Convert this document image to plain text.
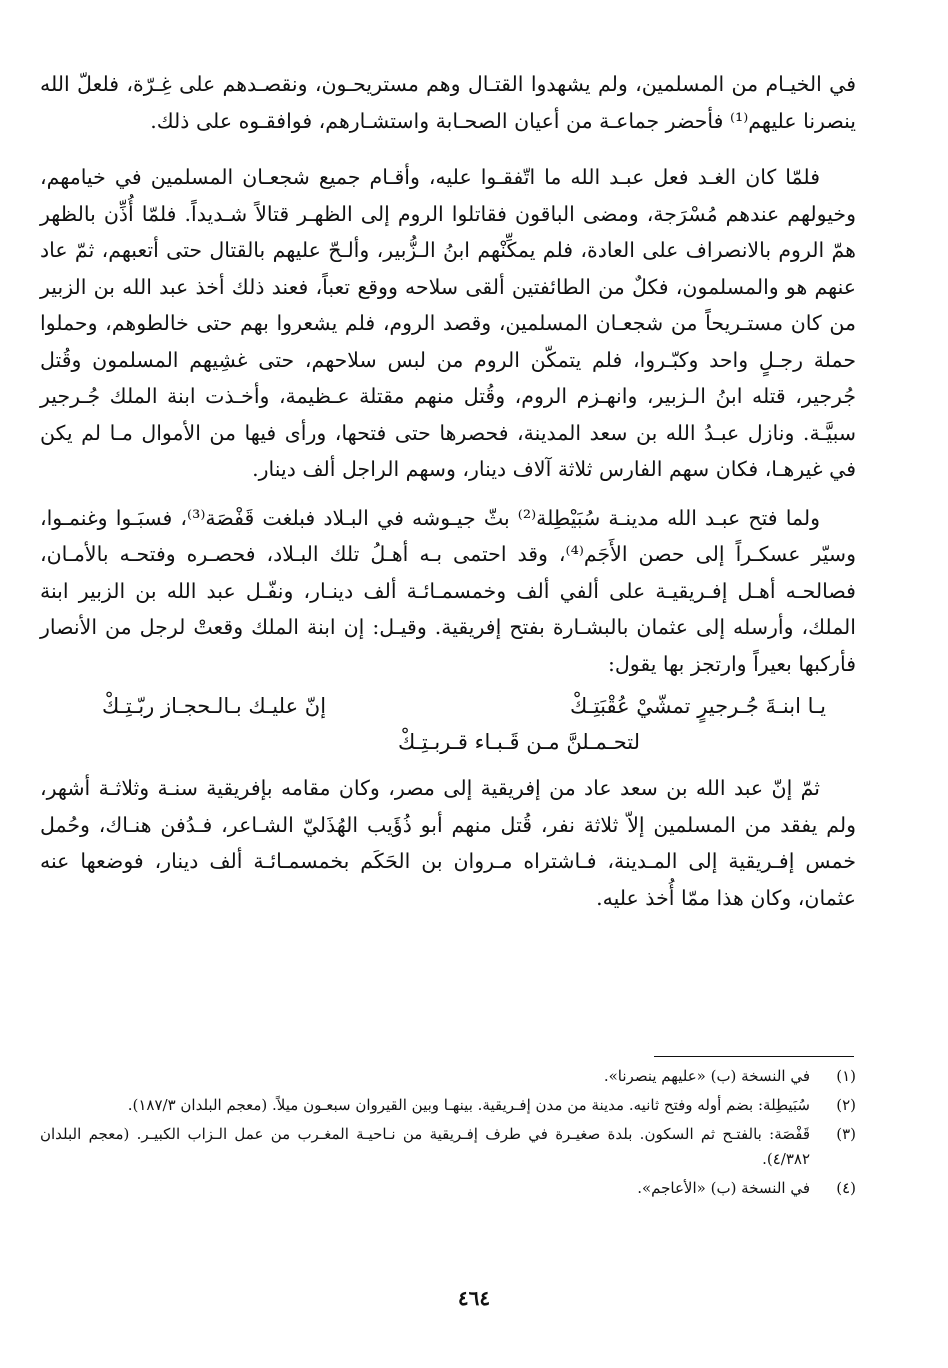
في الخيـام من المسلمين، ولم يشهدوا القتـال وهم مستريحـون، ونقصـدهم على غِـرّة، فلعلّ الله ينصرنا عليهم⁽¹⁾ فأحضر جماعـة من أعيان الصحـابة واستشـارهم، فوافقـوه على ذلك.

فلمّا كان الغـد فعل عبـد الله ما اتّفقـوا عليه، وأقـام جميع شجعـان المسلمين في خيامهم، وخيولهم عندهم مُسْرَجة، ومضى الباقون فقاتلوا الروم إلى الظهـر قتالاً شـديداً. فلمّا أُذِّن بالظهر همّ الروم بالانصراف على العادة، فلم يمكِّنْهم ابنُ الـزُّبير، وألـحّ عليهم بالقتال حتى أتعبهم، ثمّ عاد عنهم هو والمسلمون، فكلٌ من الطائفتين ألقى سلاحه ووقع تعباً، فعند ذلك أخذ عبد الله بن الزبير من كان مستـريحاً من شجعـان المسلمين، وقصد الروم، فلم يشعروا بهم حتى خالطوهم، وحملوا حملة رجـلٍ واحد وكبّـروا، فلم يتمكّن الروم من لبس سلاحهم، حتى غشِيهم المسلمون وقُتل جُرجير، قتله ابنُ الـزبير، وانهـزم الروم، وقُتل منهم مقتلة عـظيمة، وأخـذت ابنة الملك جُـرجير سبيَّـة. ونازل عبـدُ الله بن سعد المدينة، فحصرها حتى فتحها، ورأى فيها من الأموال مـا لم يكن في غيرهـا، فكان سهم الفارس ثلاثة آلاف دينار، وسهم الراجل ألف دينار.

ولما فتح عبـد الله مدينـة سُبَيْطِلة⁽²⁾ بثّ جيـوشه في البـلاد فبلغت قَفْصَة⁽³⁾، فسبَـوا وغنمـوا، وسيّر عسكـراً إلى حصن الأَجَم⁽⁴⁾، وقد احتمى بـه أهـلُ تلك البـلاد، فحصـره وفتحـه بالأمـان، فصالحـه أهـل إفـريقيـة على ألفي ألف وخمسمـائـة ألف دينـار، ونفّـل عبد الله بن الزبير ابنة الملك، وأرسله إلى عثمان بالبشـارة بفتح إفريقية. وقيـل: إن ابنة الملك وقعتْ لرجل من الأنصار فأركبها بعيراً وارتجز بها يقول:

يـا ابنـةَ جُـرجيرٍ تمشّيْ عُقْبَتِـكْ
إنّ عليـك بـالـحجـاز ربّـتِـكْ
لتحـمـلنَّ مـن قَـبـاء قـربـتِـكْ

ثمّ إنّ عبد الله بن سعد عاد من إفريقية إلى مصر، وكان مقامه بإفريقية سنـة وثلاثـة أشهر، ولم يفقد من المسلمين إلاّ ثلاثة نفر، قُتل منهم أبو ذُؤَيب الهُذَليّ الشـاعر، فـدُفن هنـاك، وحُمل خمس إفـريقية إلى المـدينة، فـاشتراه مـروان بن الحَكَم بخمسمـائـة ألف دينار، فوضعها عنه عثمان، وكان هذا ممّا أُخذ عليه.

(١)
في النسخة (ب) «عليهم ينصرنا».
(٢)
سُبَيطِلة: بضم أوله وفتح ثانيه. مدينة من مدن إفـريقية. بينهـا وبين القيروان سبعـون ميلاً. (معجم البلدان ١٨٧/٣).
(٣)
قَفْصَة: بالفتـح ثم السكون. بلدة صغيـرة في طرف إفـريقية من نـاحيـة المغـرب من عمل الـزاب الكبيـر. (معجم البلدان ٤/٣٨٢).
(٤)
في النسخة (ب) «الأعاجم».
٤٦٤
